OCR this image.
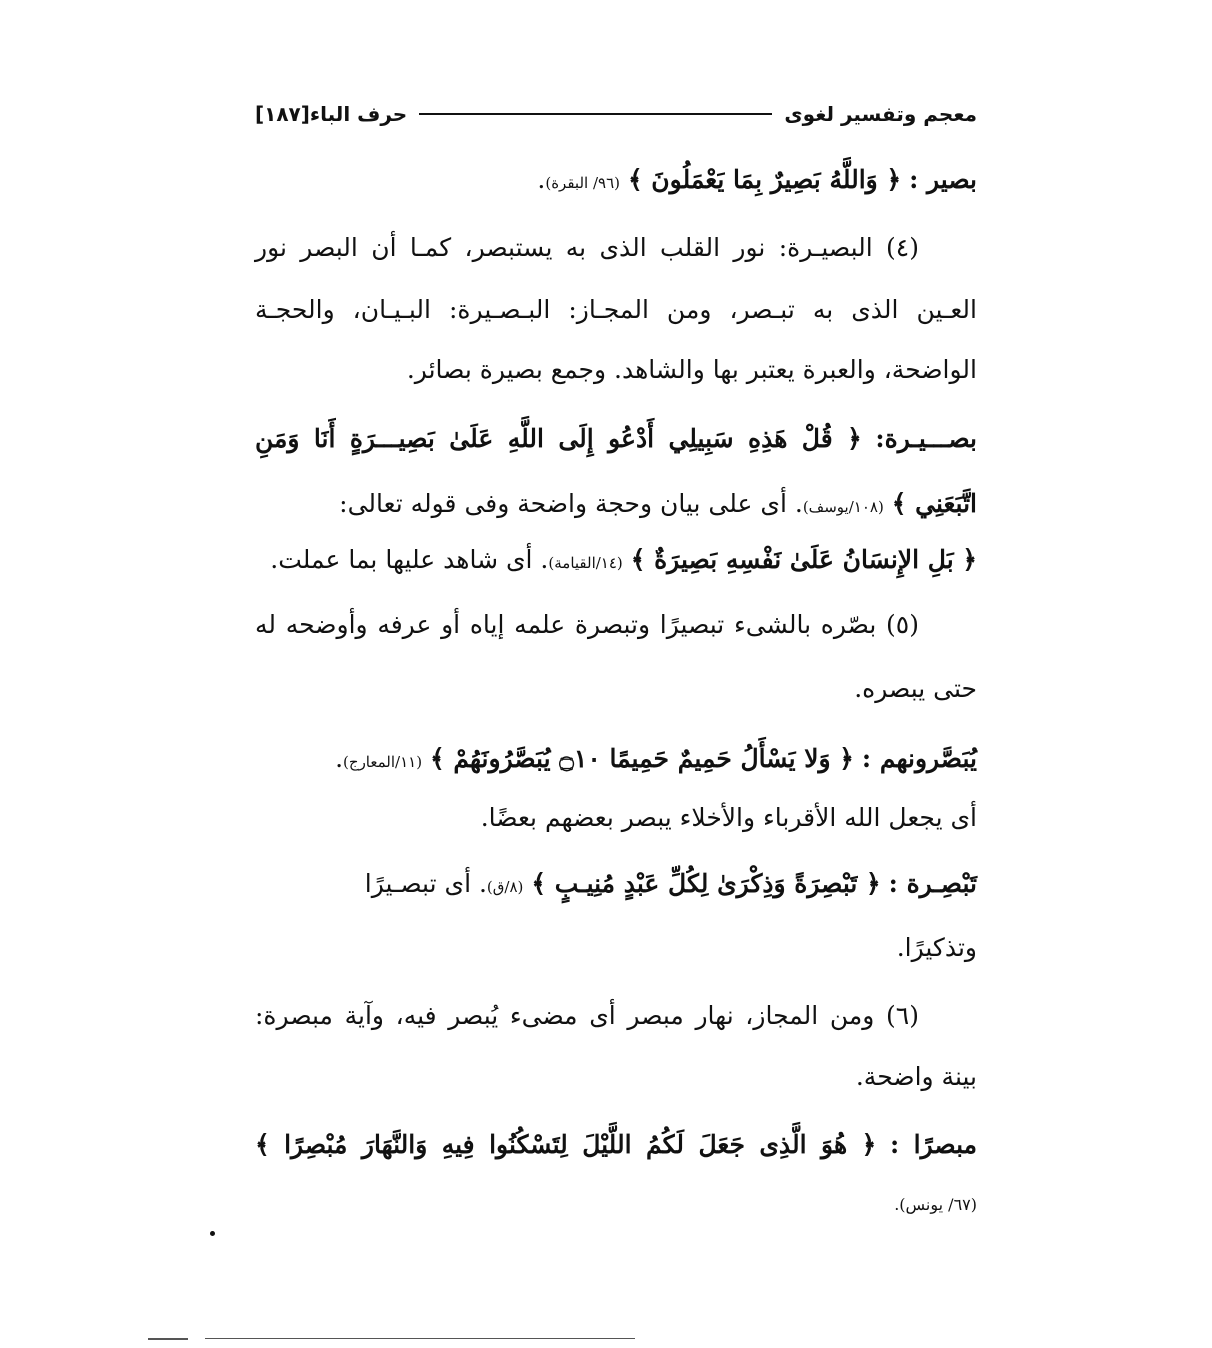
معجم وتفسير لغوى
حرف الباء
[١٨٧]
بصير : ﴿ وَاللَّهُ بَصِيرٌ بِمَا يَعْمَلُونَ ﴾ (٩٦/ البقرة).
(٤) البصيـرة: نور القلب الذى به يستبصر، كمـا أن البصر نور
العـين الذى به تبـصر، ومن المجـاز: البـصـيرة: البـيـان، والحجـة
الواضحة، والعبرة يعتبر بها والشاهد. وجمع بصيرة بصائر.
بصـــيـرة: ﴿ قُلْ هَذِهِ سَبِيلِي أَدْعُو إِلَى اللَّهِ عَلَىٰ بَصِيـــرَةٍ أَنَا وَمَنِ
اتَّبَعَنِي ﴾ (١٠٨/يوسف). أى على بيان وحجة واضحة وفى قوله تعالى:
﴿ بَلِ الإِنسَانُ عَلَىٰ نَفْسِهِ بَصِيرَةٌ ﴾ (١٤/القيامة). أى شاهد عليها بما عملت.
(٥) بصّره بالشىء تبصيرًا وتبصرة علمه إياه أو عرفه وأوضحه له
حتى يبصره.
يُبَصَّرونهم : ﴿ وَلا يَسْأَلُ حَمِيمٌ حَمِيمًا ۝١٠ يُبَصَّرُونَهُمْ ﴾ (١١/المعارج).
أى يجعل الله الأقرباء والأخلاء يبصر بعضهم بعضًا.
تَبْصِـرة : ﴿ تَبْصِرَةً وَذِكْرَىٰ لِكُلِّ عَبْدٍ مُنِيـبٍ ﴾ (٨/ق). أى تبصـيرًا
وتذكيرًا.
(٦) ومن المجاز، نهار مبصر أى مضىء يُبصر فيه، وآية مبصرة:
بينة واضحة.
مبصرًا : ﴿ هُوَ الَّذِى جَعَلَ لَكُمُ اللَّيْلَ لِتَسْكُنُوا فِيهِ وَالنَّهَارَ مُبْصِرًا ﴾
(٦٧/ يونس).
